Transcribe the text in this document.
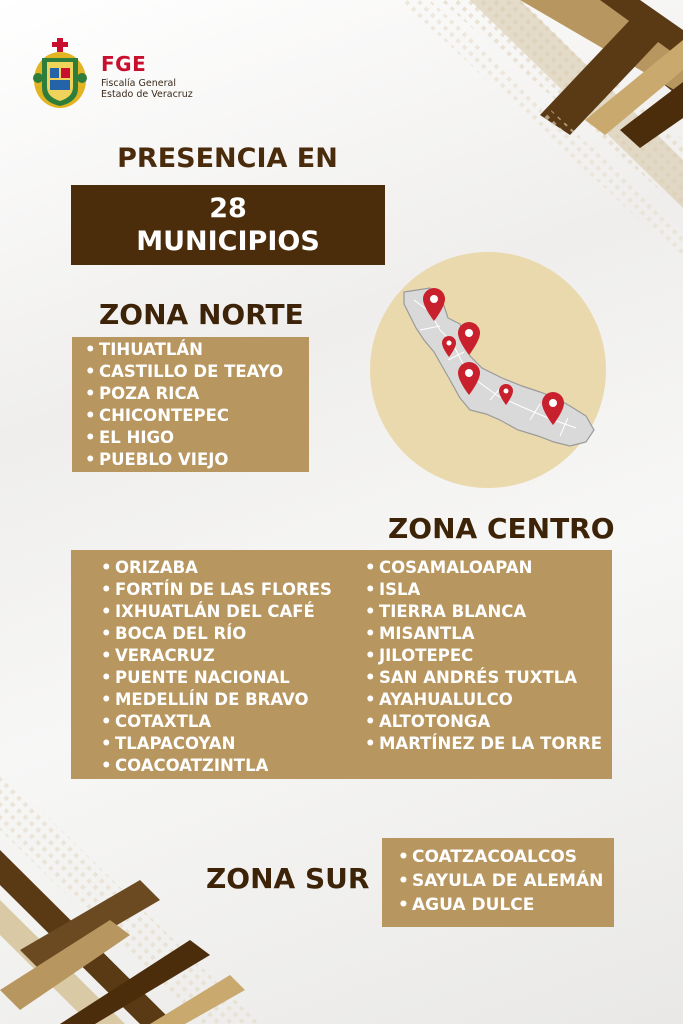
FGE
Fiscalía General
Estado de Veracruz
PRESENCIA EN
28
MUNICIPIOS
ZONA NORTE
• TIHUATLÁN
• CASTILLO DE TEAYO
• POZA RICA
• CHICONTEPEC
• EL HIGO
• PUEBLO VIEJO
ZONA CENTRO
• ORIZABA
• FORTÍN DE LAS FLORES
• IXHUATLÁN DEL CAFÉ
• BOCA DEL RÍO
• VERACRUZ
• PUENTE NACIONAL
• MEDELLÍN DE BRAVO
• COTAXTLA
• TLAPACOYAN
• COACOATZINTLA
• COSAMALOAPAN
• ISLA
• TIERRA BLANCA
• MISANTLA
• JILOTEPEC
• SAN ANDRÉS TUXTLA
• AYAHUALULCO
• ALTOTONGA
• MARTÍNEZ DE LA TORRE
ZONA SUR
• COATZACOALCOS
• SAYULA DE ALEMÁN
• AGUA DULCE
